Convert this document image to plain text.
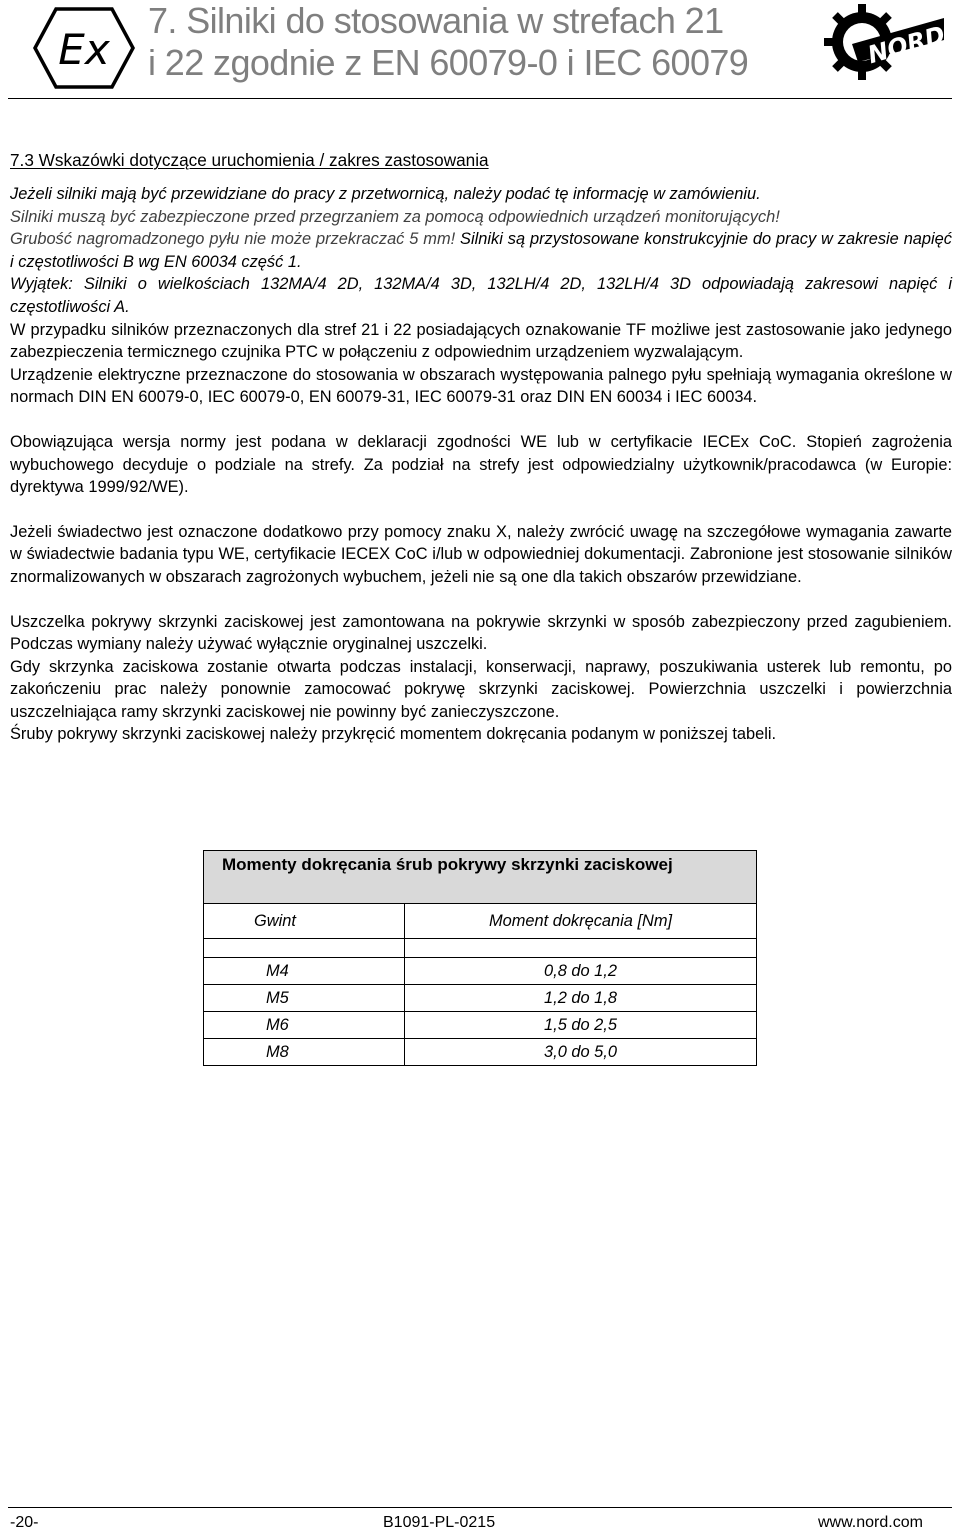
Ex
7. Silniki do stosowania w strefach 21
i 22 zgodnie z EN 60079-0 i IEC 60079	NORD
7.3 Wskazówki dotyczące uruchomienia / zakres zastosowania

Jeżeli silniki mają być przewidziane do pracy z przetwornicą, należy podać tę informację w zamówieniu.

Silniki muszą być zabezpieczone przed przegrzaniem za pomocą odpowiednich urządzeń monitorujących!

Grubość nagromadzonego pyłu nie może przekraczać 5 mm! Silniki są przystosowane konstrukcyjnie do pracy w zakresie napięć i częstotliwości B wg EN 60034 część 1.

Wyjątek: Silniki o wielkościach 132MA/4 2D, 132MA/4 3D, 132LH/4 2D, 132LH/4 3D odpowiadają zakresowi napięć i częstotliwości A.

W przypadku silników przeznaczonych dla stref 21 i 22 posiadających oznakowanie TF możliwe jest zastosowanie jako jedynego zabezpieczenia termicznego czujnika PTC w połączeniu z odpowiednim urządzeniem wyzwalającym.

Urządzenie elektryczne przeznaczone do stosowania w obszarach występowania palnego pyłu spełniają wymagania określone w normach DIN EN 60079-0, IEC 60079-0, EN 60079-31, IEC 60079-31 oraz DIN EN 60034 i IEC 60034.

Obowiązująca wersja normy jest podana w deklaracji zgodności WE lub w certyfikacie IECEx CoC. Stopień zagrożenia wybuchowego decyduje o podziale na strefy. Za podział na strefy jest odpowiedzialny użytkownik/pracodawca (w Europie: dyrektywa 1999/92/WE).

Jeżeli świadectwo jest oznaczone dodatkowo przy pomocy znaku X, należy zwrócić uwagę na szczegółowe wymagania zawarte w świadectwie badania typu WE, certyfikacie IECEX CoC i/lub w odpowiedniej dokumentacji. Zabronione jest stosowanie silników znormalizowanych w obszarach zagrożonych wybuchem, jeżeli nie są one dla takich obszarów przewidziane.

Uszczelka pokrywy skrzynki zaciskowej jest zamontowana na pokrywie skrzynki w sposób zabezpieczony przed zagubieniem. Podczas wymiany należy używać wyłącznie oryginalnej uszczelki.

Gdy skrzynka zaciskowa zostanie otwarta podczas instalacji, konserwacji, naprawy, poszukiwania usterek lub remontu, po zakończeniu prac należy ponownie zamocować pokrywę skrzynki zaciskowej. Powierzchnia uszczelki i powierzchnia uszczelniająca ramy skrzynki zaciskowej nie powinny być zanieczyszczone.

Śruby pokrywy skrzynki zaciskowej należy przykręcić momentem dokręcania podanym w poniższej tabeli.

Momenty dokręcania śrub pokrywy skrzynki zaciskowej	
Gwint	Moment dokręcania [Nm]

M4	0,8 do 1,2
M5	1,2 do 1,8
M6	1,5 do 2,5
M8	3,0 do 5,0
-20-	B1091-PL-0215	www.nord.com
